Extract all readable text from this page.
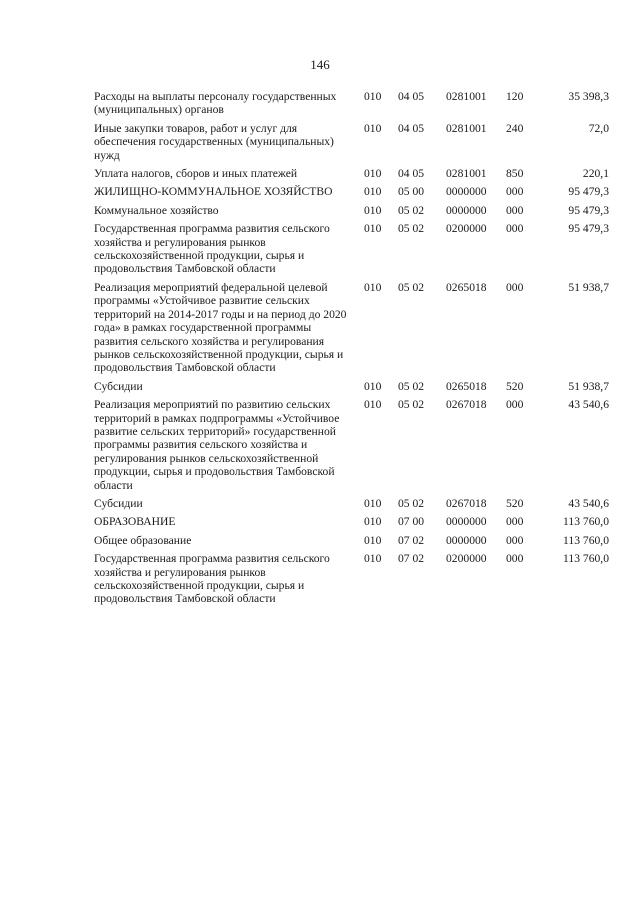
146
Расходы на выплаты персоналу государственных (муниципальных) органов	010	04 05	0281001	120	35 398,3
Иные закупки товаров, работ и услуг для обеспечения государственных (муниципальных) нужд	010	04 05	0281001	240	72,0
Уплата налогов, сборов и иных платежей	010	04 05	0281001	850	220,1
ЖИЛИЩНО-КОММУНАЛЬНОЕ ХОЗЯЙСТВО	010	05 00	0000000	000	95 479,3
Коммунальное хозяйство	010	05 02	0000000	000	95 479,3
Государственная программа развития сельского хозяйства и регулирования рынков сельскохозяйственной продукции, сырья и продовольствия Тамбовской области	010	05 02	0200000	000	95 479,3
Реализация мероприятий федеральной целевой программы «Устойчивое развитие сельских территорий на 2014-2017 годы и на период до 2020 года» в рамках государственной программы развития сельского хозяйства и регулирования рынков сельскохозяйственной продукции, сырья и продовольствия Тамбовской области	010	05 02	0265018	000	51 938,7
Субсидии	010	05 02	0265018	520	51 938,7
Реализация мероприятий по развитию сельских территорий в рамках подпрограммы «Устойчивое развитие сельских территорий» государственной программы развития сельского хозяйства и регулирования рынков сельскохозяйственной продукции, сырья и продовольствия Тамбовской области	010	05 02	0267018	000	43 540,6
Субсидии	010	05 02	0267018	520	43 540,6
ОБРАЗОВАНИЕ	010	07 00	0000000	000	113 760,0
Общее образование	010	07 02	0000000	000	113 760,0
Государственная программа развития сельского хозяйства и регулирования рынков сельскохозяйственной продукции, сырья и продовольствия Тамбовской области	010	07 02	0200000	000	113 760,0
